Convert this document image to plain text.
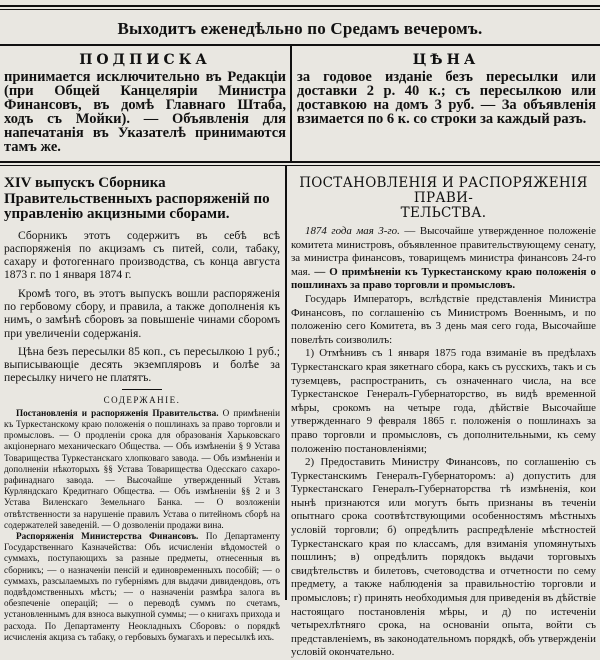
Выходитъ еженедѣльно по Средамъ вечеромъ.
ПОДПИСКА
принимается исключительно въ Редакціи (при Общей Канцеляріи Министра Финансовъ, въ домѣ Главнаго Штаба, ходъ съ Мойки). — Объявленія для напечатанія въ Указателѣ принимаются тамъ же.
ЦѢНА
за годовое изданіе безъ пересылки или доставки 2 р. 40 к.; съ пересылкою или доставкою на домъ 3 руб. — За объявленія взимается по 6 к. со строки за каждый разъ.
XIV выпускъ Сборника Правительственныхъ распоряженій по управленію акцизными сборами.

Сборникъ этотъ содержитъ въ себѣ всѣ распоряженія по акцизамъ съ питей, соли, табаку, сахару и фотогеннаго производства, съ конца августа 1873 г. по 1 января 1874 г.

Кромѣ того, въ этотъ выпускъ вошли распоряженія по гербовому сбору, и правила, а также дополненія къ нимъ, о замѣнѣ сборовъ за повышеніе чинами сборомъ при увеличеніи содержанія.

Цѣна безъ пересылки 85 коп., съ пересылкою 1 руб.; выписывающіе десять экземпляровъ и болѣе за пересылку ничего не платятъ.

СОДЕРЖАНІЕ.

Постановленія и распоряженія Правительства. О примѣненіи къ Туркестанскому краю положенія о пошлинахъ за право торговли и промысловъ. — О продленіи срока для образованія Харьковскаго акціонернаго механическаго Общества. — Объ измѣненіи § 9 Устава Товарищества Туркестанскаго хлопковаго завода. — Объ измѣненіи и дополненіи нѣкоторыхъ §§ Устава Товарищества Одесскаго сахаро-рафинаднаго завода. — Высочайше утвержденный Уставъ Курляндскаго Кредитнаго Общества. — Объ измѣненіи §§ 2 и 3 Устава Виленскаго Земельнаго Банка. — О возложеніи отвѣтственности за нарушеніе правилъ Устава о питейномъ сборѣ на содержателей заведеній. — О дозволеніи продажи вина.

Распоряженія Министерства Финансовъ. По Департаменту Государственнаго Казначейства: Объ исчисленіи вѣдомостей о суммахъ, поступающихъ за разные предметы, отнесенныя въ сборникъ; — о назначеніи пенсій и единовременныхъ пособій; — о суммахъ, разсылаемыхъ по губерніямъ для выдачи дивидендовъ, отъ подвѣдомственныхъ мѣстъ; — о назначеніи размѣра залога въ обезпеченіе операцій; — о переводѣ суммъ по счетамъ, установленнымъ для взноса выкупной суммы; — о книгахъ прихода и расхода. По Департаменту Неокладныхъ Сборовъ: о порядкѣ исчисленія акциза съ табаку, о гербовыхъ бумагахъ и пересылкѣ ихъ.

ПОСТАНОВЛЕНІЯ И РАСПОРЯЖЕНІЯ ПРАВИ-

ТЕЛЬСТВА.

1874 года мая 3-го. — Высочайше утвержденное положеніе комитета министровъ, объявленное правительствующему сенату, за министра финансовъ, товарищемъ министра финансовъ 24-го мая. — О примѣненіи къ Туркестанскому краю положенія о пошлинахъ за право торговли и промысловъ.

Государь Императоръ, вслѣдствіе представленія Министра Финансовъ, по соглашенію съ Министромъ Военнымъ, и по положенію сего Комитета, въ 3 день мая сего года, Высочайше повелѣть соизволилъ:

1) Отмѣнивъ съ 1 января 1875 года взиманіе въ предѣлахъ Туркестанскаго края зякетнаго сбора, какъ съ русскихъ, такъ и съ туземцевъ, распространить, съ означеннаго числа, на все Туркестанское Генералъ-Губернаторство, въ видѣ временной мѣры, срокомъ на четыре года, дѣйствіе Высочайше утвержденнаго 9 февраля 1865 г. положенія о пошлинахъ за право торговли и промысловъ, съ дополнительными, къ сему положенію постановленіями;

2) Предоставить Министру Финансовъ, по соглашенію съ Туркестанскимъ Генералъ-Губернаторомъ: а) допустить для Туркестанскаго Генералъ-Губернаторства тѣ измѣненія, кои нынѣ признаются или могутъ быть признаны въ теченіи опытнаго срока соотвѣтствующими особенностямъ мѣстныхъ условій торговли; б) опредѣлить распредѣленіе мѣстностей Туркестанскаго края по классамъ, для взиманія упомянутыхъ пошлинъ; в) опредѣлить порядокъ выдачи торговыхъ свидѣтельствъ и билетовъ, счетоводства и отчетности по сему предмету, а также наблюденія за правильностію торговли и промысловъ; г) принять необходимыя для приведенія въ дѣйствіе настоящаго постановленія мѣры, и д) по истеченіи четырехлѣтняго срока, на основаніи опыта, войти съ представленіемъ, въ законодательномъ порядкѣ, объ утвержденіи условій окончательно.
